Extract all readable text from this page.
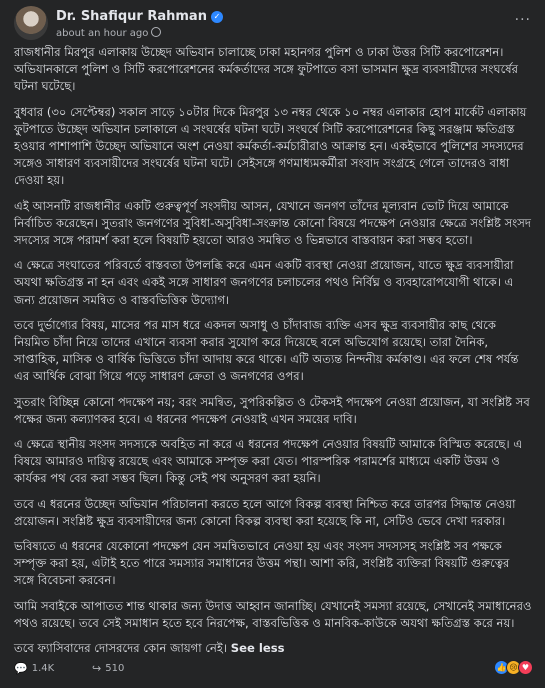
Dr. Shafiqur Rahman ✓
about an hour ago
···

রাজধানীর মিরপুর এলাকায় উচ্ছেদ অভিযান চালাচ্ছে ঢাকা মহানগর পুলিশ ও ঢাকা উত্তর সিটি করপোরেশন। অভিযানকালে পুলিশ ও সিটি করপোরেশনের কর্মকর্তাদের সঙ্গে ফুটপাতে বসা ভাসমান ক্ষুদ্র ব্যবসায়ীদের সংঘর্ষের ঘটনা ঘটেছে।

বুধবার (৩০ সেপ্টেম্বর) সকাল সাড়ে ১০টার দিকে মিরপুর ১৩ নম্বর থেকে ১০ নম্বর এলাকার হোপ মার্কেট এলাকায় ফুটপাতে উচ্ছেদ অভিযান চলাকালে এ সংঘর্ষের ঘটনা ঘটে। সংঘর্ষে সিটি করপোরেশনের কিছু সরঞ্জাম ক্ষতিগ্রস্ত হওয়ার পাশাপাশি উচ্ছেদ অভিযানে অংশ নেওয়া কর্মকর্তা-কর্মচারীরাও আক্রান্ত হন। একইভাবে পুলিশের সদস্যদের সঙ্গেও সাধারণ ব্যবসায়ীদের সংঘর্ষের ঘটনা ঘটে। সেইসঙ্গে গণমাধ্যমকর্মীরা সংবাদ সংগ্রহে গেলে তাদেরও বাধা দেওয়া হয়।

এই আসনটি রাজধানীর একটি গুরুত্বপূর্ণ সংসদীয় আসন, যেখানে জনগণ তাঁদের মূল্যবান ভোট দিয়ে আমাকে নির্বাচিত করেছেন। সুতরাং জনগণের সুবিধা-অসুবিধা-সংক্রান্ত কোনো বিষয়ে পদক্ষেপ নেওয়ার ক্ষেত্রে সংশ্লিষ্ট সংসদ সদস্যের সঙ্গে পরামর্শ করা হলে বিষয়টি হয়তো আরও সমন্বিত ও ভিন্নভাবে বাস্তবায়ন করা সম্ভব হতো।

এ ক্ষেত্রে সংঘাতের পরিবর্তে বাস্তবতা উপলব্ধি করে এমন একটি ব্যবস্থা নেওয়া প্রয়োজন, যাতে ক্ষুদ্র ব্যবসায়ীরা অযথা ক্ষতিগ্রস্ত না হন এবং একই সঙ্গে সাধারণ জনগণের চলাচলের পথও নির্বিঘ্ন ও ব্যবহারোপযোগী থাকে। এ জন্য প্রয়োজন সমন্বিত ও বাস্তবভিত্তিক উদ্যোগ।

তবে দুর্ভাগ্যের বিষয়, মাসের পর মাস ধরে একদল অসাধু ও চাঁদাবাজ ব্যক্তি এসব ক্ষুদ্র ব্যবসায়ীর কাছ থেকে নিয়মিত চাঁদা নিয়ে তাদের এখানে ব্যবসা করার সুযোগ করে দিয়েছে বলে অভিযোগ রয়েছে। তারা দৈনিক, সাপ্তাহিক, মাসিক ও বার্ষিক ভিত্তিতে চাঁদা আদায় করে থাকে। এটি অত্যন্ত নিন্দনীয় কর্মকাণ্ড। এর ফলে শেষ পর্যন্ত এর আর্থিক বোঝা গিয়ে পড়ে সাধারণ ক্রেতা ও জনগণের ওপর।

সুতরাং বিচ্ছিন্ন কোনো পদক্ষেপ নয়; বরং সমন্বিত, সুপরিকল্পিত ও টেকসই পদক্ষেপ নেওয়া প্রয়োজন, যা সংশ্লিষ্ট সব পক্ষের জন্য কল্যাণকর হবে। এ ধরনের পদক্ষেপ নেওয়াই এখন সময়ের দাবি।

এ ক্ষেত্রে স্থানীয় সংসদ সদস্যকে অবহিত না করে এ ধরনের পদক্ষেপ নেওয়ার বিষয়টি আমাকে বিস্মিত করেছে। এ বিষয়ে আমারও দায়িত্ব রয়েছে এবং আমাকে সম্পৃক্ত করা যেত। পারস্পরিক পরামর্শের মাধ্যমে একটি উত্তম ও কার্যকর পথ বের করা সম্ভব ছিল। কিন্তু সেই পথ অনুসরণ করা হয়নি।

তবে এ ধরনের উচ্ছেদ অভিযান পরিচালনা করতে হলে আগে বিকল্প ব্যবস্থা নিশ্চিত করে তারপর সিদ্ধান্ত নেওয়া প্রয়োজন। সংশ্লিষ্ট ক্ষুদ্র ব্যবসায়ীদের জন্য কোনো বিকল্প ব্যবস্থা করা হয়েছে কি না, সেটিও ভেবে দেখা দরকার।

ভবিষ্যতে এ ধরনের যেকোনো পদক্ষেপ যেন সমন্বিতভাবে নেওয়া হয় এবং সংসদ সদস্যসহ সংশ্লিষ্ট সব পক্ষকে সম্পৃক্ত করা হয়, এটাই হতে পারে সমস্যার সমাধানের উত্তম পন্থা। আশা করি, সংশ্লিষ্ট ব্যক্তিরা বিষয়টি গুরুত্বের সঙ্গে বিবেচনা করবেন।

আমি সবাইকে আপাতত শান্ত থাকার জন্য উদাত্ত আহ্বান জানাচ্ছি। যেখানেই সমস্যা রয়েছে, সেখানেই সমাধানেরও পথও রয়েছে। তবে সেই সমাধান হতে হবে নিরপেক্ষ, বাস্তবভিত্তিক ও মানবিক-কাউকে অযথা ক্ষতিগ্রস্ত করে নয়।

তবে ফ্যাসিবাদের দোসরদের কোন জায়গা নেই। See less

💬 1.4K	↪ 510	👍 😢 ♥
